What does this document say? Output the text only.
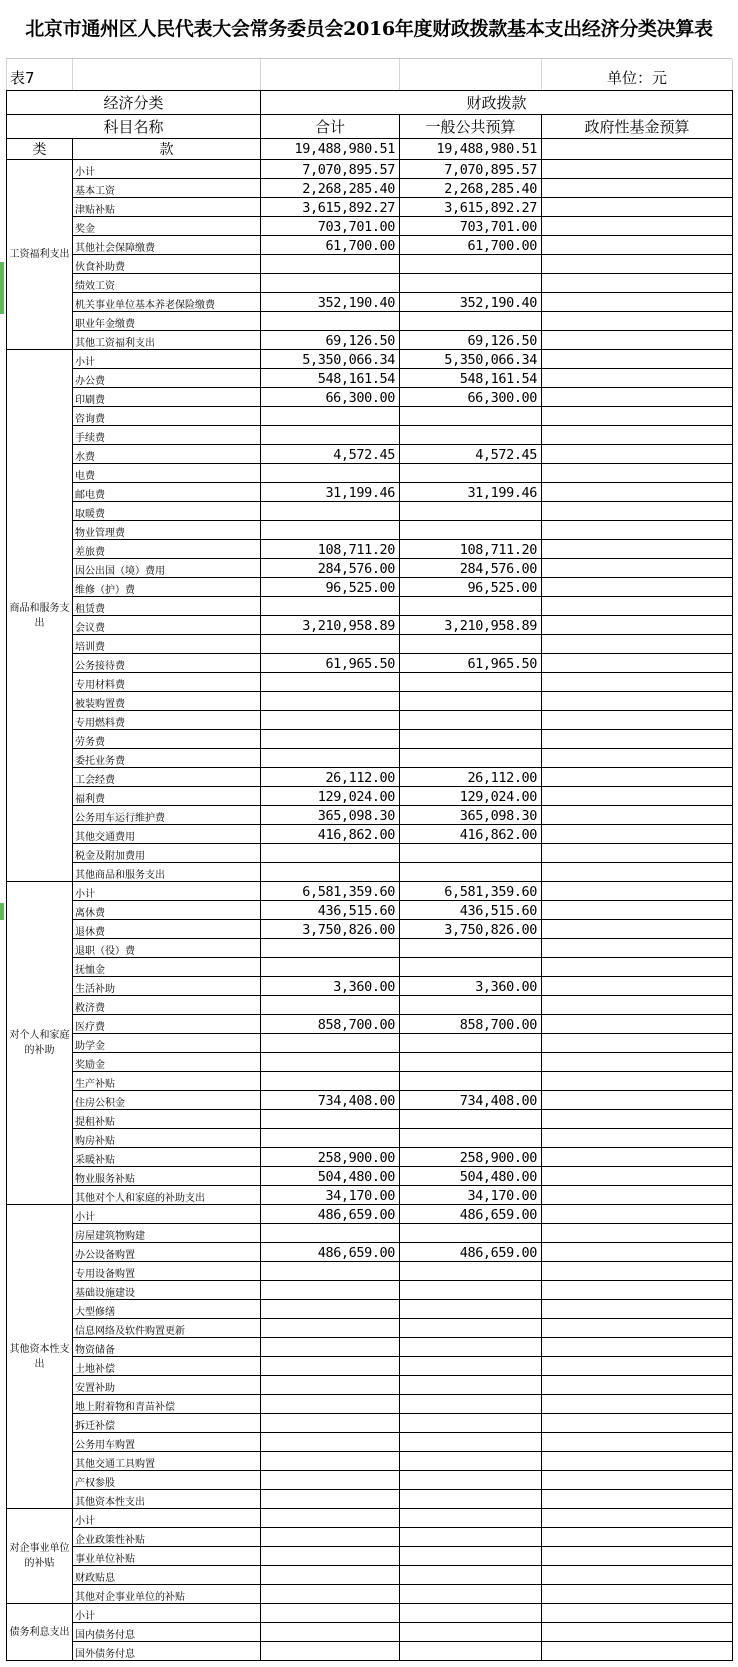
北京市通州区人民代表大会常务委员会2016年度财政拨款基本支出经济分类决算表
表7				单位：元
经济分类		财政拨款		
科目名称		合计	一般公共预算	政府性基金预算
类	款	19,488,980.51	19,488,980.51	
工资福利支出	小计	7,070,895.57	7,070,895.57	
	基本工资	2,268,285.40	2,268,285.40	
	津贴补贴	3,615,892.27	3,615,892.27	
	奖金	703,701.00	703,701.00	
	其他社会保障缴费	61,700.00	61,700.00	
	伙食补助费			
	绩效工资			
	机关事业单位基本养老保险缴费	352,190.40	352,190.40	
	职业年金缴费			
	其他工资福利支出	69,126.50	69,126.50	
商品和服务支出	小计	5,350,066.34	5,350,066.34	
	办公费	548,161.54	548,161.54	
	印刷费	66,300.00	66,300.00	
	咨询费			
	手续费			
	水费	4,572.45	4,572.45	
	电费			
	邮电费	31,199.46	31,199.46	
	取暖费			
	物业管理费			
	差旅费	108,711.20	108,711.20	
	因公出国（境）费用	284,576.00	284,576.00	
	维修（护）费	96,525.00	96,525.00	
	租赁费			
	会议费	3,210,958.89	3,210,958.89	
	培训费			
	公务接待费	61,965.50	61,965.50	
	专用材料费			
	被装购置费			
	专用燃料费			
	劳务费			
	委托业务费			
	工会经费	26,112.00	26,112.00	
	福利费	129,024.00	129,024.00	
	公务用车运行维护费	365,098.30	365,098.30	
	其他交通费用	416,862.00	416,862.00	
	税金及附加费用			
	其他商品和服务支出			
对个人和家庭的补助	小计	6,581,359.60	6,581,359.60	
	离休费	436,515.60	436,515.60	
	退休费	3,750,826.00	3,750,826.00	
	退职（役）费			
	抚恤金			
	生活补助	3,360.00	3,360.00	
	救济费			
	医疗费	858,700.00	858,700.00	
	助学金			
	奖励金			
	生产补贴			
	住房公积金	734,408.00	734,408.00	
	提租补贴			
	购房补贴			
	采暖补贴	258,900.00	258,900.00	
	物业服务补贴	504,480.00	504,480.00	
	其他对个人和家庭的补助支出	34,170.00	34,170.00	
其他资本性支出	小计	486,659.00	486,659.00	
	房屋建筑物购建			
	办公设备购置	486,659.00	486,659.00	
	专用设备购置			
	基础设施建设			
	大型修缮			
	信息网络及软件购置更新			
	物资储备			
	土地补偿			
	安置补助			
	地上附着物和青苗补偿			
	拆迁补偿			
	公务用车购置			
	其他交通工具购置			
	产权参股			
	其他资本性支出			
对企事业单位的补贴	小计			
	企业政策性补贴			
	事业单位补贴			
	财政贴息			
	其他对企事业单位的补贴			
债务利息支出	小计			
	国内债务付息			
	国外债务付息			
